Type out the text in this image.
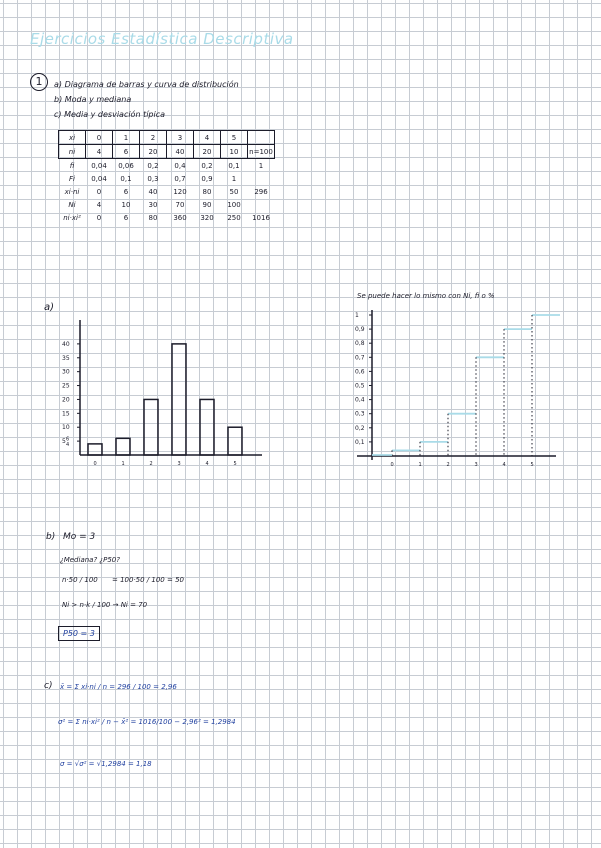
Ejercicios Estadística Descriptiva
1	a) Diagrama de barras y curva de distribución
b) Moda y mediana
c) Media y desviación típica
xi	0	1	2	3	4	5	
ni	4	6	20	40	20	10	n=100
fi	0,04	0,06	0,2	0,4	0,2	0,1	1
Fi	0,04	0,1	0,3	0,7	0,9	1	
xi·ni	0	6	40	120	80	50	296
Ni	4	10	30	70	90	100	
ni·xi²	0	6	80	360	320	250	1016
a)
Se puede hacer lo mismo con Ni, fi o %
5
10
15
20
25
30
35
40
4
6
0	1	2	3	4	5
0,1
0,2
0,3
0,4
0,5
0,6
0,7
0,8
0,9
1
0	1	2	3	4	5
b) Mo = 3
¿Mediana? ¿P50?
n·50 / 100 = 100·50 / 100 = 50
Ni > n·k / 100 → Ni = 70
P50 = 3
c) x̄ = Σ xi·ni / n = 296 / 100 = 2,96
σ² = Σ ni·xi² / n − x̄² = 1016/100 − 2,96² = 1,2984
σ = √σ² = √1,2984 = 1,18
